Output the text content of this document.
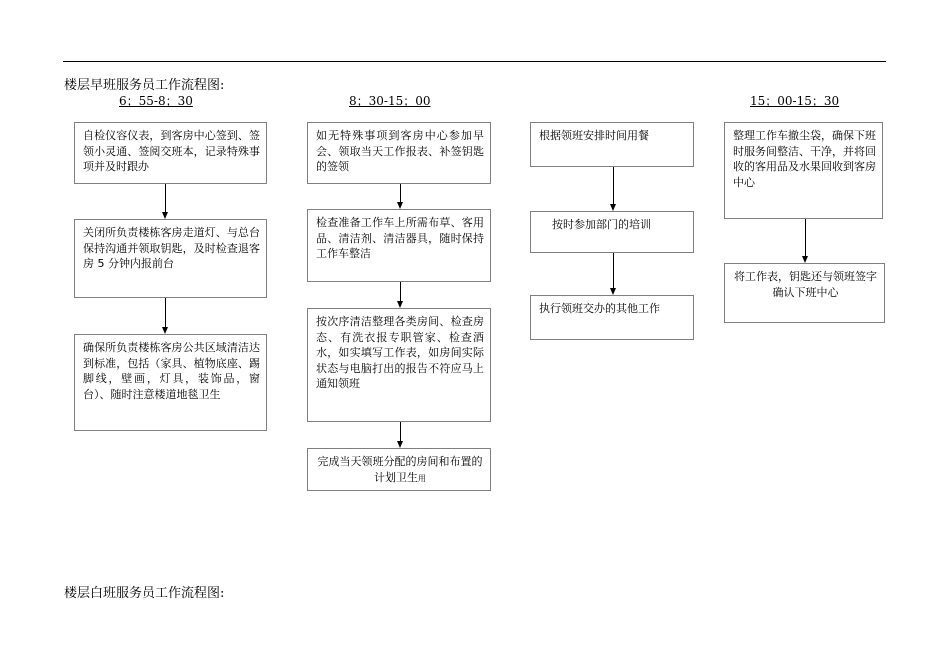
楼层早班服务员工作流程图:
6；55-8；30	8；30-15；00	15；00-15；30
自检仪容仪表，到客房中心签到、签领小灵通、签阅交班本，记录特殊事项并及时跟办
关闭所负责楼栋客房走道灯、与总台保持沟通并领取钥匙，及时检查退客房 5 分钟内报前台
确保所负责楼栋客房公共区域清洁达到标准，包括（家具、植物底座、踢脚线，壁画，灯具，装饰品，窗台）、随时注意楼道地毯卫生
如无特殊事项到客房中心参加早会、领取当天工作报表、补签钥匙的签领
检查准备工作车上所需布草、客用品、清洁剂、清洁器具，随时保持工作车整洁
按次序清洁整理各类房间、检查房态、有洗衣报专职管家、检查酒水，如实填写工作表，如房间实际状态与电脑打出的报告不符应马上通知领班
完成当天领班分配的房间和布置的计划卫生用
根据领班安排时间用餐
按时参加部门的培训
执行领班交办的其他工作
整理工作车撤尘袋，确保下班时服务间整洁、干净，并将回收的客用品及水果回收到客房中心
将工作表，钥匙还与领班签字确认下班中心
楼层白班服务员工作流程图:
